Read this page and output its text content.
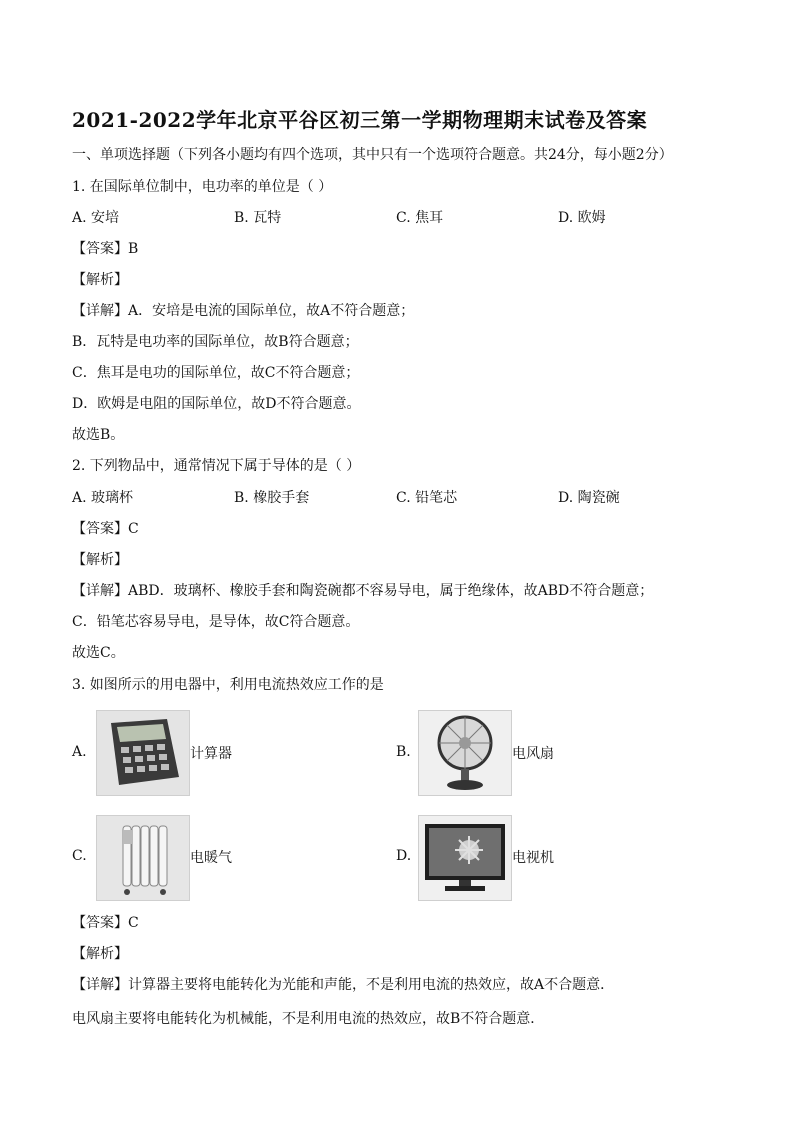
2021-2022学年北京平谷区初三第一学期物理期末试卷及答案
一、单项选择题（下列各小题均有四个选项，其中只有一个选项符合题意。共24分，每小题2分）
1. 在国际单位制中，电功率的单位是（ ）
A. 安培	B. 瓦特	C. 焦耳	D. 欧姆
【答案】B
【解析】
【详解】A．安培是电流的国际单位，故A不符合题意；
B．瓦特是电功率的国际单位，故B符合题意；
C．焦耳是电功的国际单位，故C不符合题意；
D．欧姆是电阻的国际单位，故D不符合题意。
故选B。
2. 下列物品中，通常情况下属于导体的是（ ）
A. 玻璃杯	B. 橡胶手套	C. 铅笔芯	D. 陶瓷碗
【答案】C
【解析】
【详解】ABD．玻璃杯、橡胶手套和陶瓷碗都不容易导电，属于绝缘体，故ABD不符合题意；
C．铅笔芯容易导电，是导体，故C符合题意。
故选C。
3. 如图所示的用电器中，利用电流热效应工作的是
A.	计算器	B.	电风扇
C.	电暖气	D.	电视机
【答案】C
【解析】
【详解】计算器主要将电能转化为光能和声能，不是利用电流的热效应，故A不合题意．
电风扇主要将电能转化为机械能，不是利用电流的热效应，故B不符合题意．
